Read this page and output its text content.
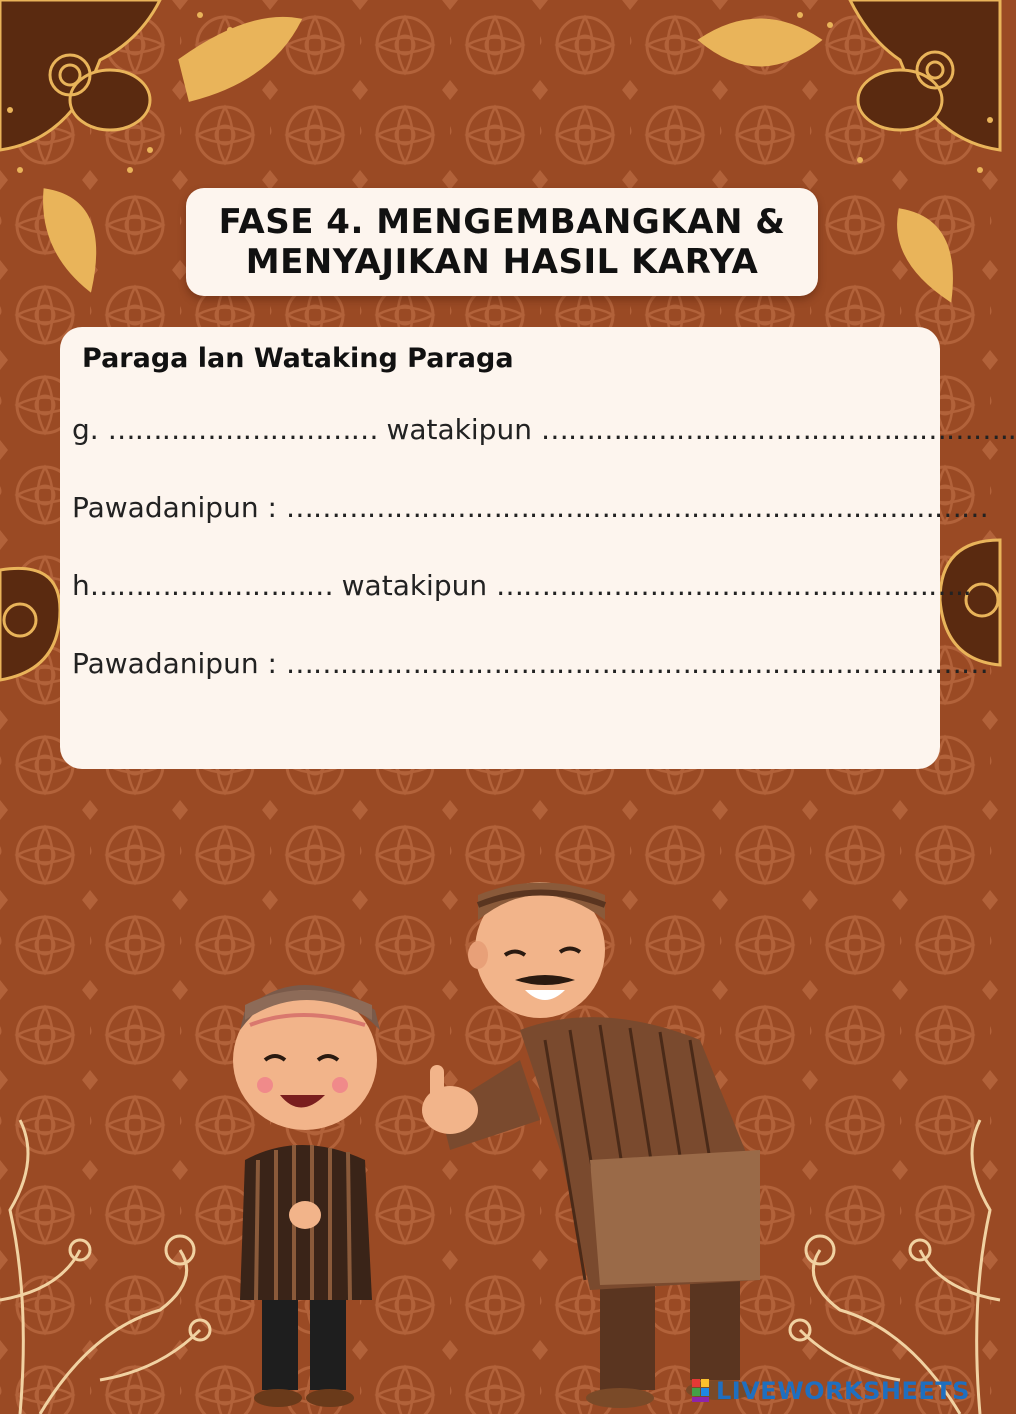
FASE 4. MENGEMBANGKAN &
MENYAJIKAN HASIL KARYA
Paraga lan Wataking Paraga
g. ………………………… watakipun ……………………………………………..
Pawadanipun : ……………………………………………………………………
h……………………… watakipun ……………………………………………..
Pawadanipun : ……………………………………………………………………
LIVEWORKSHEETS
